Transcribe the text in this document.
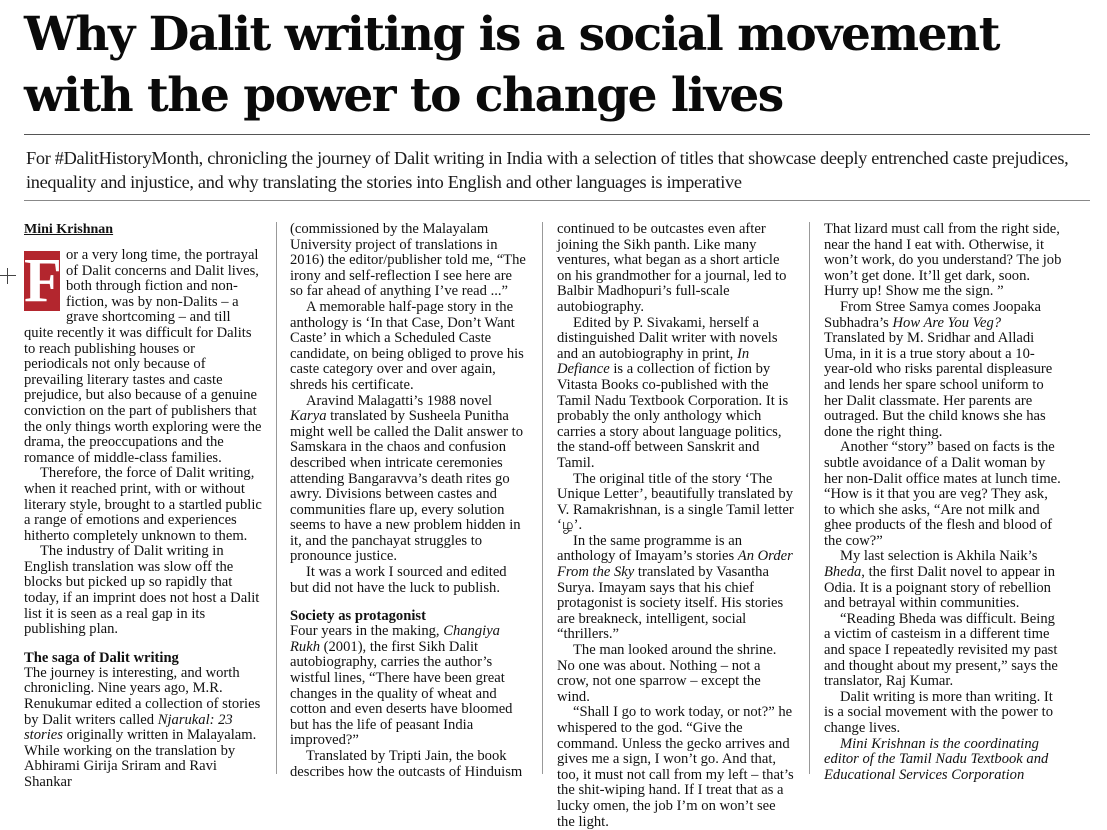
Why Dalit writing is a social movement with the power to change lives
For #DalitHistoryMonth, chronicling the journey of Dalit writing in India with a selection of titles that showcase deeply entrenched caste prejudices, inequality and injustice, and why translating the stories into English and other languages is imperative
Mini Krishnan
F or a very long time, the portrayal of Dalit concerns and Dalit lives, both through fiction and non-fiction, was by non-Dalits – a grave shortcoming – and till quite recently it was difficult for Dalits to reach publishing houses or periodicals not only because of prevailing literary tastes and caste prejudice, but also because of a genuine conviction on the part of publishers that the only things worth exploring were the drama, the preoccupations and the romance of middle-class families.
Therefore, the force of Dalit writing, when it reached print, with or without literary style, brought to a startled public a range of emotions and experiences hitherto completely unknown to them.
The industry of Dalit writing in English translation was slow off the blocks but picked up so rapidly that today, if an imprint does not host a Dalit list it is seen as a real gap in its publishing plan.
The saga of Dalit writing
The journey is interesting, and worth chronicling. Nine years ago, M.R. Renukumar edited a collection of stories by Dalit writers called Njarukal: 23 stories originally written in Malayalam. While working on the translation by Abhirami Girija Sriram and Ravi Shankar
(commissioned by the Malayalam University project of translations in 2016) the editor/publisher told me, “The irony and self-reflection I see here are so far ahead of anything I’ve read ...”
A memorable half-page story in the anthology is ‘In that Case, Don’t Want Caste’ in which a Scheduled Caste candidate, on being obliged to prove his caste category over and over again, shreds his certificate.
Aravind Malagatti’s 1988 novel Karya translated by Susheela Punitha might well be called the Dalit answer to Samskara in the chaos and confusion described when intricate ceremonies attending Bangaravva’s death rites go awry. Divisions between castes and communities flare up, every solution seems to have a new problem hidden in it, and the panchayat struggles to pronounce justice.
It was a work I sourced and edited but did not have the luck to publish.
Society as protagonist
Four years in the making, Changiya Rukh (2001), the first Sikh Dalit autobiography, carries the author’s wistful lines, “There have been great changes in the quality of wheat and cotton and even deserts have bloomed but has the life of peasant India improved?”
Translated by Tripti Jain, the book describes how the outcasts of Hinduism
continued to be outcastes even after joining the Sikh panth. Like many ventures, what began as a short article on his grandmother for a journal, led to Balbir Madhopuri’s full-scale autobiography.
Edited by P. Sivakami, herself a distinguished Dalit writer with novels and an autobiography in print, In Defiance is a collection of fiction by Vitasta Books co-published with the Tamil Nadu Textbook Corporation. It is probably the only anthology which carries a story about language politics, the stand-off between Sanskrit and Tamil.
The original title of the story ‘The Unique Letter’, beautifully translated by V. Ramakrishnan, is a single Tamil letter ‘ழ’.
In the same programme is an anthology of Imayam’s stories An Order From the Sky translated by Vasantha Surya. Imayam says that his chief protagonist is society itself. His stories are breakneck, intelligent, social “thrillers.”
The man looked around the shrine. No one was about. Nothing – not a crow, not one sparrow – except the wind.
“Shall I go to work today, or not?” he whispered to the god. “Give the command. Unless the gecko arrives and gives me a sign, I won’t go. And that, too, it must not call from my left – that’s the shit-wiping hand. If I treat that as a lucky omen, the job I’m on won’t see the light.
That lizard must call from the right side, near the hand I eat with. Otherwise, it won’t work, do you understand? The job won’t get done. It’ll get dark, soon. Hurry up! Show me the sign. ”
From Stree Samya comes Joopaka Subhadra’s How Are You Veg? Translated by M. Sridhar and Alladi Uma, in it is a true story about a 10-year-old who risks parental displeasure and lends her spare school uniform to her Dalit classmate. Her parents are outraged. But the child knows she has done the right thing.
Another “story” based on facts is the subtle avoidance of a Dalit woman by her non-Dalit office mates at lunch time. “How is it that you are veg? They ask, to which she asks, “Are not milk and ghee products of the flesh and blood of the cow?”
My last selection is Akhila Naik’s Bheda, the first Dalit novel to appear in Odia. It is a poignant story of rebellion and betrayal within communities.
“Reading Bheda was difficult. Being a victim of casteism in a different time and space I repeatedly revisited my past and thought about my present,” says the translator, Raj Kumar.
Dalit writing is more than writing. It is a social movement with the power to change lives.
Mini Krishnan is the coordinating editor of the Tamil Nadu Textbook and Educational Services Corporation
